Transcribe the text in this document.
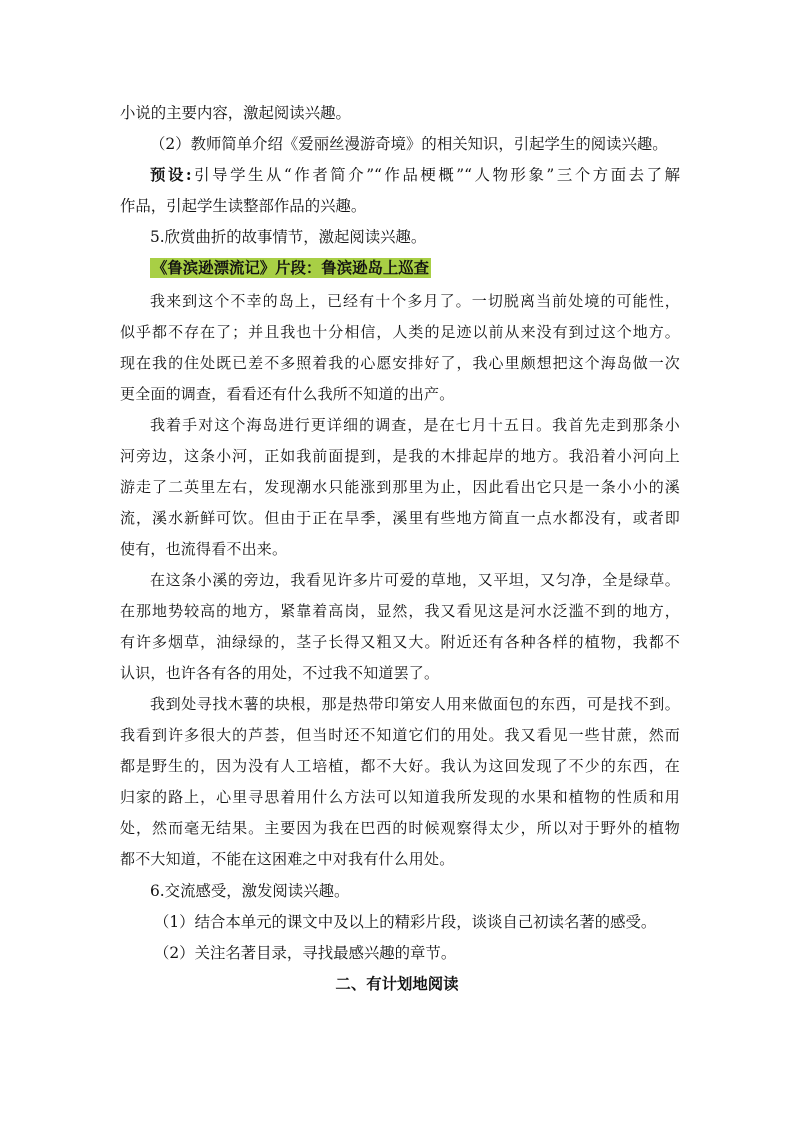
小说的主要内容，激起阅读兴趣。
（2）教师简单介绍《爱丽丝漫游奇境》的相关知识，引起学生的阅读兴趣。
预设:引导学生从“作者简介”“作品梗概”“人物形象”三个方面去了解
作品，引起学生读整部作品的兴趣。
5.欣赏曲折的故事情节，激起阅读兴趣。
《鲁滨逊漂流记》片段：鲁滨逊岛上巡查
我来到这个不幸的岛上，已经有十个多月了。一切脱离当前处境的可能性，
似乎都不存在了；并且我也十分相信，人类的足迹以前从来没有到过这个地方。
现在我的住处既已差不多照着我的心愿安排好了，我心里颇想把这个海岛做一次
更全面的调查，看看还有什么我所不知道的出产。
我着手对这个海岛进行更详细的调查，是在七月十五日。我首先走到那条小
河旁边，这条小河，正如我前面提到，是我的木排起岸的地方。我沿着小河向上
游走了二英里左右，发现潮水只能涨到那里为止，因此看出它只是一条小小的溪
流，溪水新鲜可饮。但由于正在旱季，溪里有些地方简直一点水都没有，或者即
使有，也流得看不出来。
在这条小溪的旁边，我看见许多片可爱的草地，又平坦，又匀净，全是绿草。
在那地势较高的地方，紧靠着高岗，显然，我又看见这是河水泛滥不到的地方，
有许多烟草，油绿绿的，茎子长得又粗又大。附近还有各种各样的植物，我都不
认识，也许各有各的用处，不过我不知道罢了。
我到处寻找木薯的块根，那是热带印第安人用来做面包的东西，可是找不到。
我看到许多很大的芦荟，但当时还不知道它们的用处。我又看见一些甘蔗，然而
都是野生的，因为没有人工培植，都不大好。我认为这回发现了不少的东西，在
归家的路上，心里寻思着用什么方法可以知道我所发现的水果和植物的性质和用
处，然而毫无结果。主要因为我在巴西的时候观察得太少，所以对于野外的植物
都不大知道，不能在这困难之中对我有什么用处。
6.交流感受，激发阅读兴趣。
（1）结合本单元的课文中及以上的精彩片段，谈谈自己初读名著的感受。
（2）关注名著目录，寻找最感兴趣的章节。
二、有计划地阅读
